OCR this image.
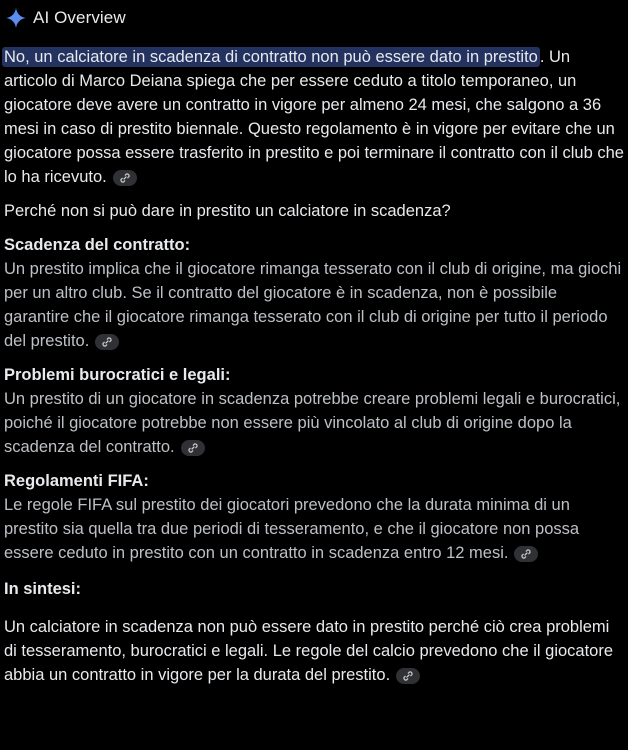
AI Overview

No, un calciatore in scadenza di contratto non può essere dato in prestito . Un articolo di Marco Deiana spiega che per essere ceduto a titolo temporaneo, un giocatore deve avere un contratto in vigore per almeno 24 mesi, che salgono a 36 mesi in caso di prestito biennale. Questo regolamento è in vigore per evitare che un giocatore possa essere trasferito in prestito e poi terminare il contratto con il club che lo ha ricevuto.

Perché non si può dare in prestito un calciatore in scadenza?

Scadenza del contratto:

Un prestito implica che il giocatore rimanga tesserato con il club di origine, ma giochi per un altro club. Se il contratto del giocatore è in scadenza, non è possibile garantire che il giocatore rimanga tesserato con il club di origine per tutto il periodo del prestito.

Problemi burocratici e legali:

Un prestito di un giocatore in scadenza potrebbe creare problemi legali e burocratici, poiché il giocatore potrebbe non essere più vincolato al club di origine dopo la scadenza del contratto.

Regolamenti FIFA:

Le regole FIFA sul prestito dei giocatori prevedono che la durata minima di un prestito sia quella tra due periodi di tesseramento, e che il giocatore non possa essere ceduto in prestito con un contratto in scadenza entro 12 mesi.

In sintesi:

Un calciatore in scadenza non può essere dato in prestito perché ciò crea problemi di tesseramento, burocratici e legali. Le regole del calcio prevedono che il giocatore abbia un contratto in vigore per la durata del prestito.
